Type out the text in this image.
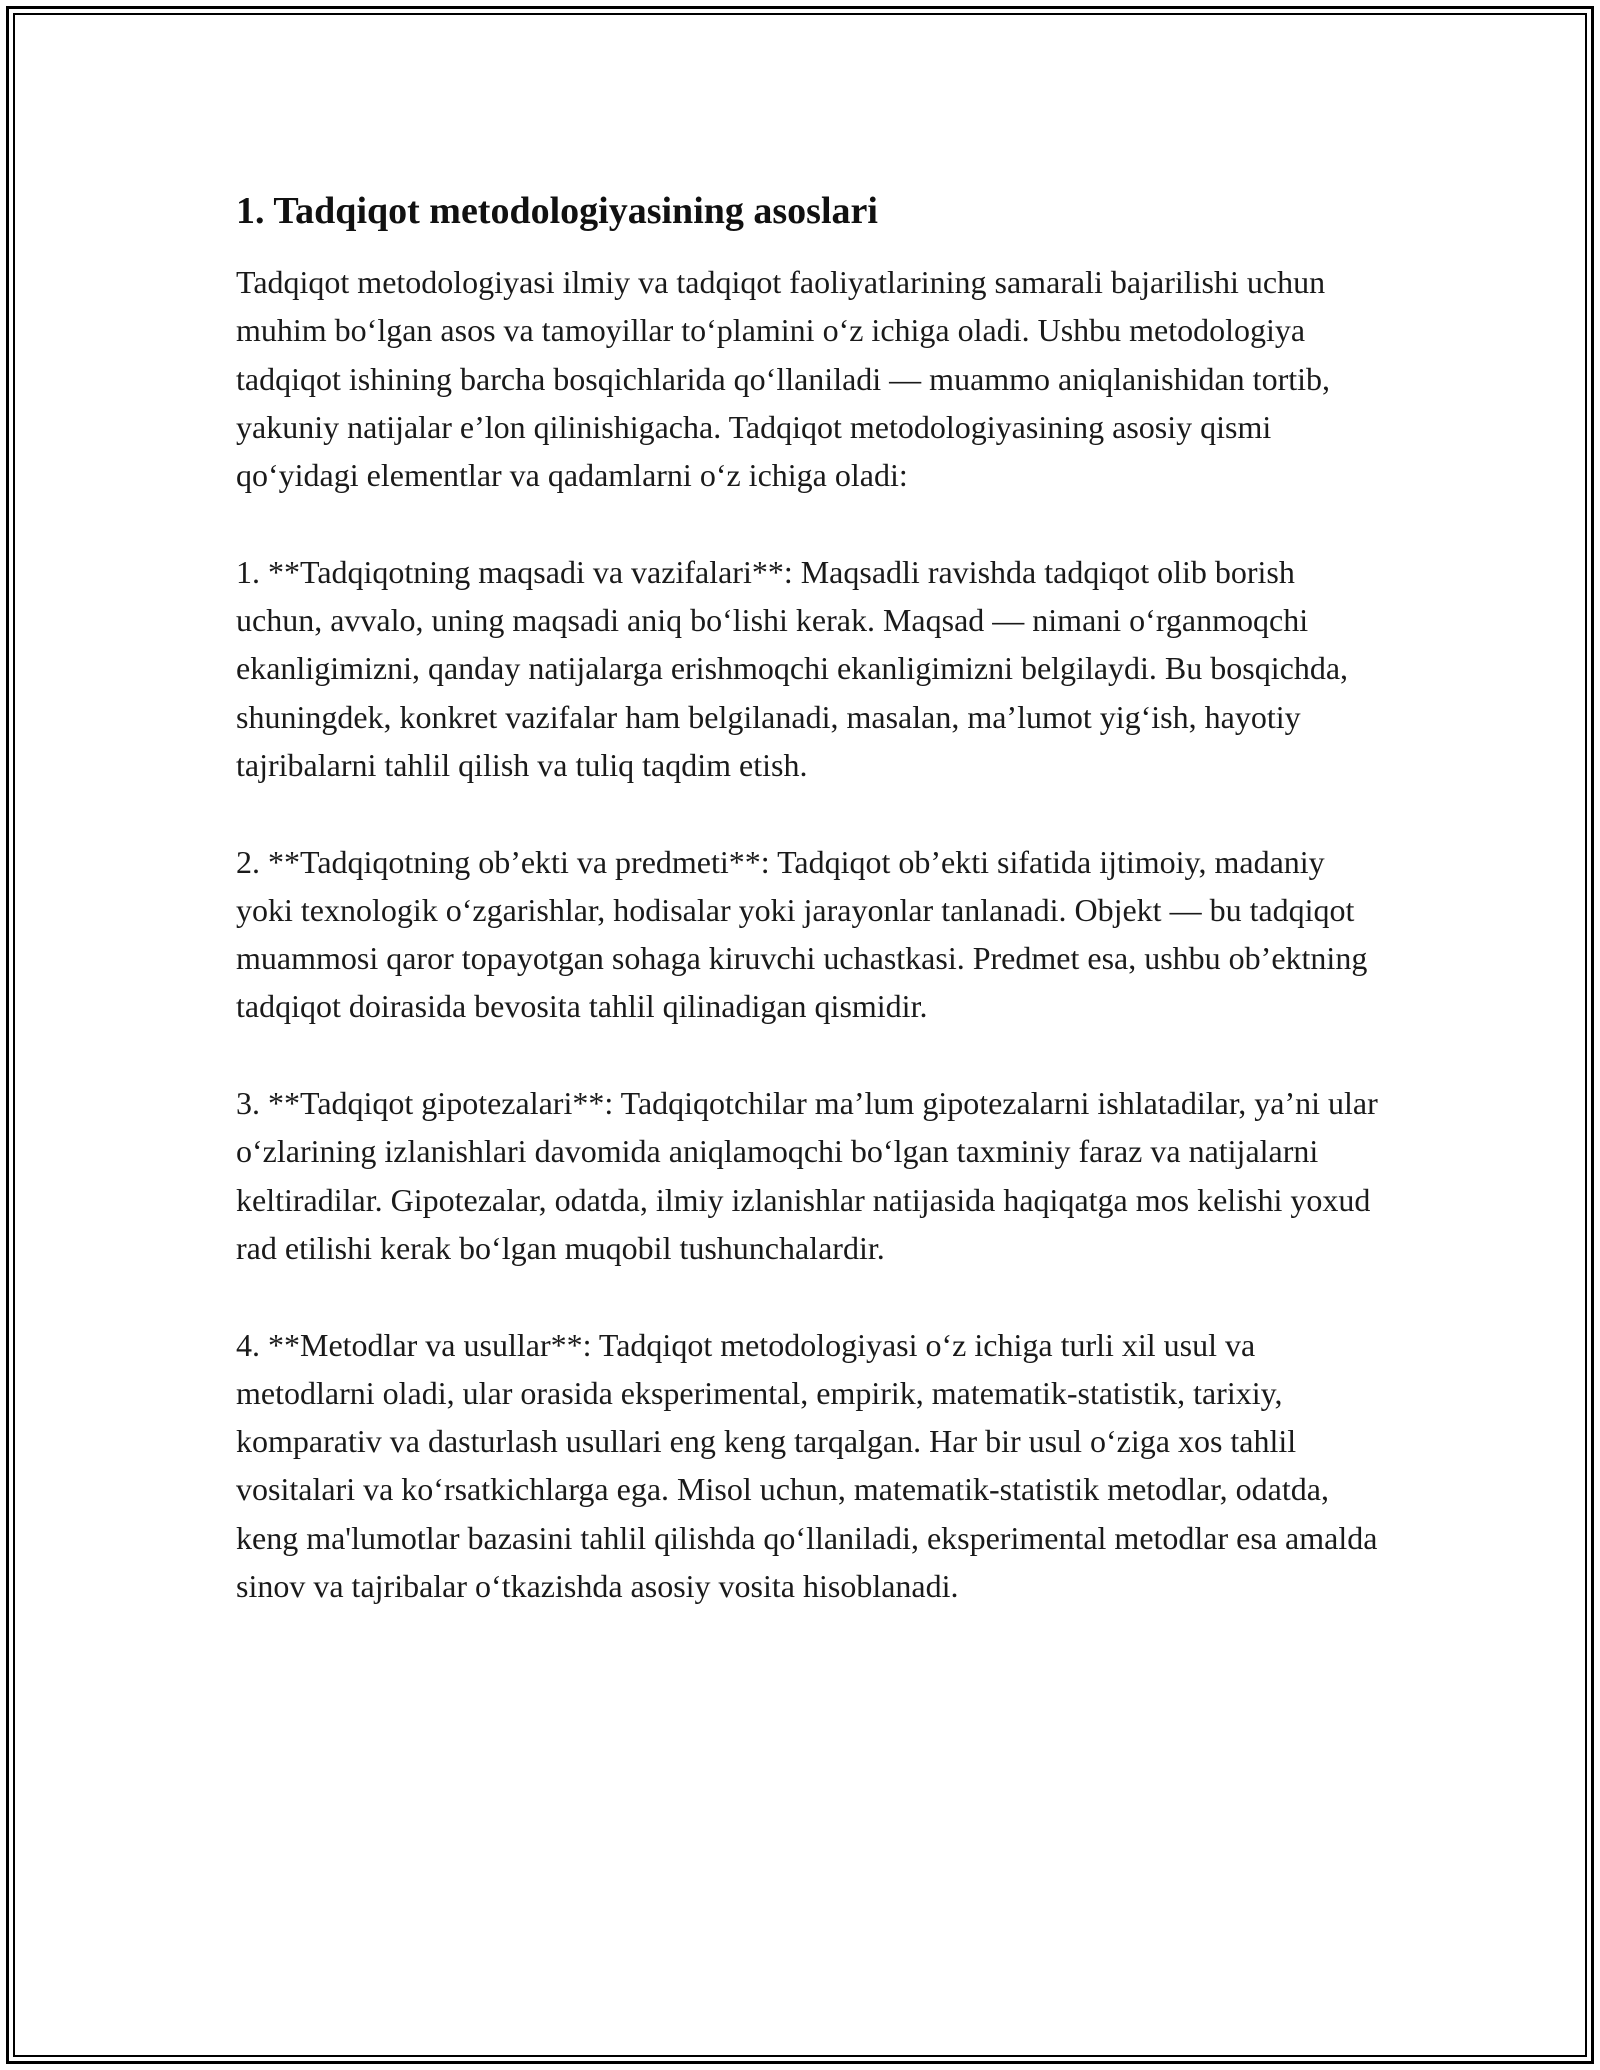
1. Tadqiqot metodologiyasining asoslari

Tadqiqot metodologiyasi ilmiy va tadqiqot faoliyatlarining samarali bajarilishi uchun muhim bo‘lgan asos va tamoyillar to‘plamini o‘z ichiga oladi. Ushbu metodologiya tadqiqot ishining barcha bosqichlarida qo‘llaniladi — muammo aniqlanishidan tortib, yakuniy natijalar e’lon qilinishigacha. Tadqiqot metodologiyasining asosiy qismi qo‘yidagi elementlar va qadamlarni o‘z ichiga oladi:

1. **Tadqiqotning maqsadi va vazifalari**: Maqsadli ravishda tadqiqot olib borish uchun, avvalo, uning maqsadi aniq bo‘lishi kerak. Maqsad — nimani o‘rganmoqchi ekanligimizni, qanday natijalarga erishmoqchi ekanligimizni belgilaydi. Bu bosqichda, shuningdek, konkret vazifalar ham belgilanadi, masalan, ma’lumot yig‘ish, hayotiy tajribalarni tahlil qilish va tuliq taqdim etish.

2. **Tadqiqotning ob’ekti va predmeti**: Tadqiqot ob’ekti sifatida ijtimoiy, madaniy yoki texnologik o‘zgarishlar, hodisalar yoki jarayonlar tanlanadi. Objekt — bu tadqiqot muammosi qaror topayotgan sohaga kiruvchi uchastkasi. Predmet esa, ushbu ob’ektning tadqiqot doirasida bevosita tahlil qilinadigan qismidir.

3. **Tadqiqot gipotezalari**: Tadqiqotchilar ma’lum gipotezalarni ishlatadilar, ya’ni ular o‘zlarining izlanishlari davomida aniqlamoqchi bo‘lgan taxminiy faraz va natijalarni keltiradilar. Gipotezalar, odatda, ilmiy izlanishlar natijasida haqiqatga mos kelishi yoxud rad etilishi kerak bo‘lgan muqobil tushunchalardir.

4. **Metodlar va usullar**: Tadqiqot metodologiyasi o‘z ichiga turli xil usul va metodlarni oladi, ular orasida eksperimental, empirik, matematik-statistik, tarixiy, komparativ va dasturlash usullari eng keng tarqalgan. Har bir usul o‘ziga xos tahlil vositalari va ko‘rsatkichlarga ega. Misol uchun, matematik-statistik metodlar, odatda, keng ma'lumotlar bazasini tahlil qilishda qo‘llaniladi, eksperimental metodlar esa amalda sinov va tajribalar o‘tkazishda asosiy vosita hisoblanadi.
